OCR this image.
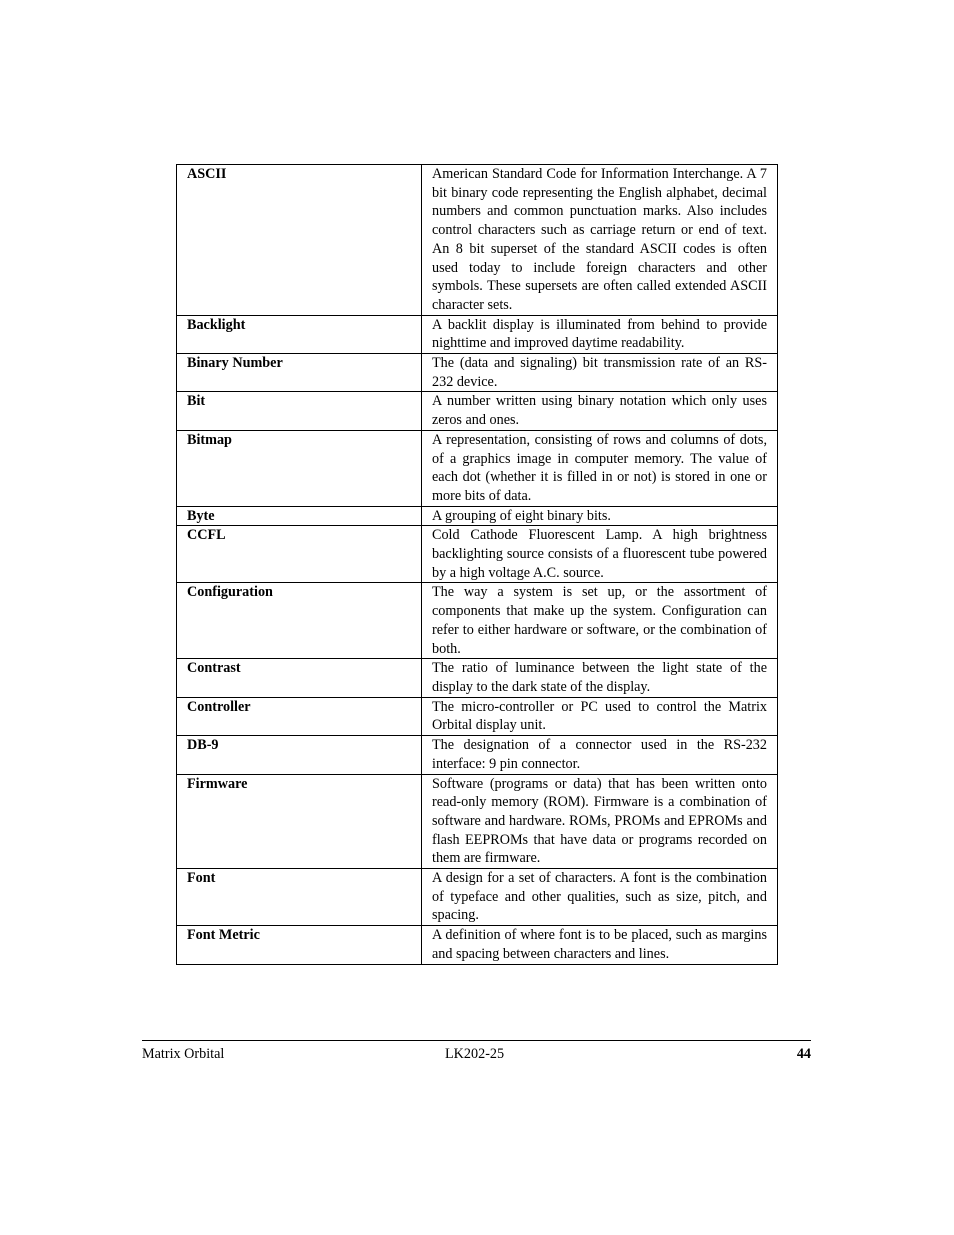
ASCII	American Standard Code for Information Interchange. A 7 bit binary code representing the English alphabet, decimal numbers and common punctuation marks. Also includes control characters such as carriage return or end of text. An 8 bit superset of the standard ASCII codes is often used today to include foreign characters and other symbols. These supersets are often called extended ASCII character sets.
Backlight	A backlit display is illuminated from behind to provide nighttime and improved daytime readability.
Binary Number	The (data and signaling) bit transmission rate of an RS-232 device.
Bit	A number written using binary notation which only uses zeros and ones.
Bitmap	A representation, consisting of rows and columns of dots, of a graphics image in computer memory. The value of each dot (whether it is filled in or not) is stored in one or more bits of data.
Byte	A grouping of eight binary bits.
CCFL	Cold Cathode Fluorescent Lamp. A high brightness backlighting source consists of a fluorescent tube powered by a high voltage A.C. source.
Configuration	The way a system is set up, or the assortment of components that make up the system. Configuration can refer to either hardware or software, or the combination of both.
Contrast	The ratio of luminance between the light state of the display to the dark state of the display.
Controller	The micro-controller or PC used to control the Matrix Orbital display unit.
DB-9	The designation of a connector used in the RS-232 interface: 9 pin connector.
Firmware	Software (programs or data) that has been written onto read-only memory (ROM). Firmware is a combination of software and hardware. ROMs, PROMs and EPROMs and flash EEPROMs that have data or programs recorded on them are firmware.
Font	A design for a set of characters. A font is the combination of typeface and other qualities, such as size, pitch, and spacing.
Font Metric	A definition of where font is to be placed, such as margins and spacing between characters and lines.
Matrix Orbital	LK202-25	44
